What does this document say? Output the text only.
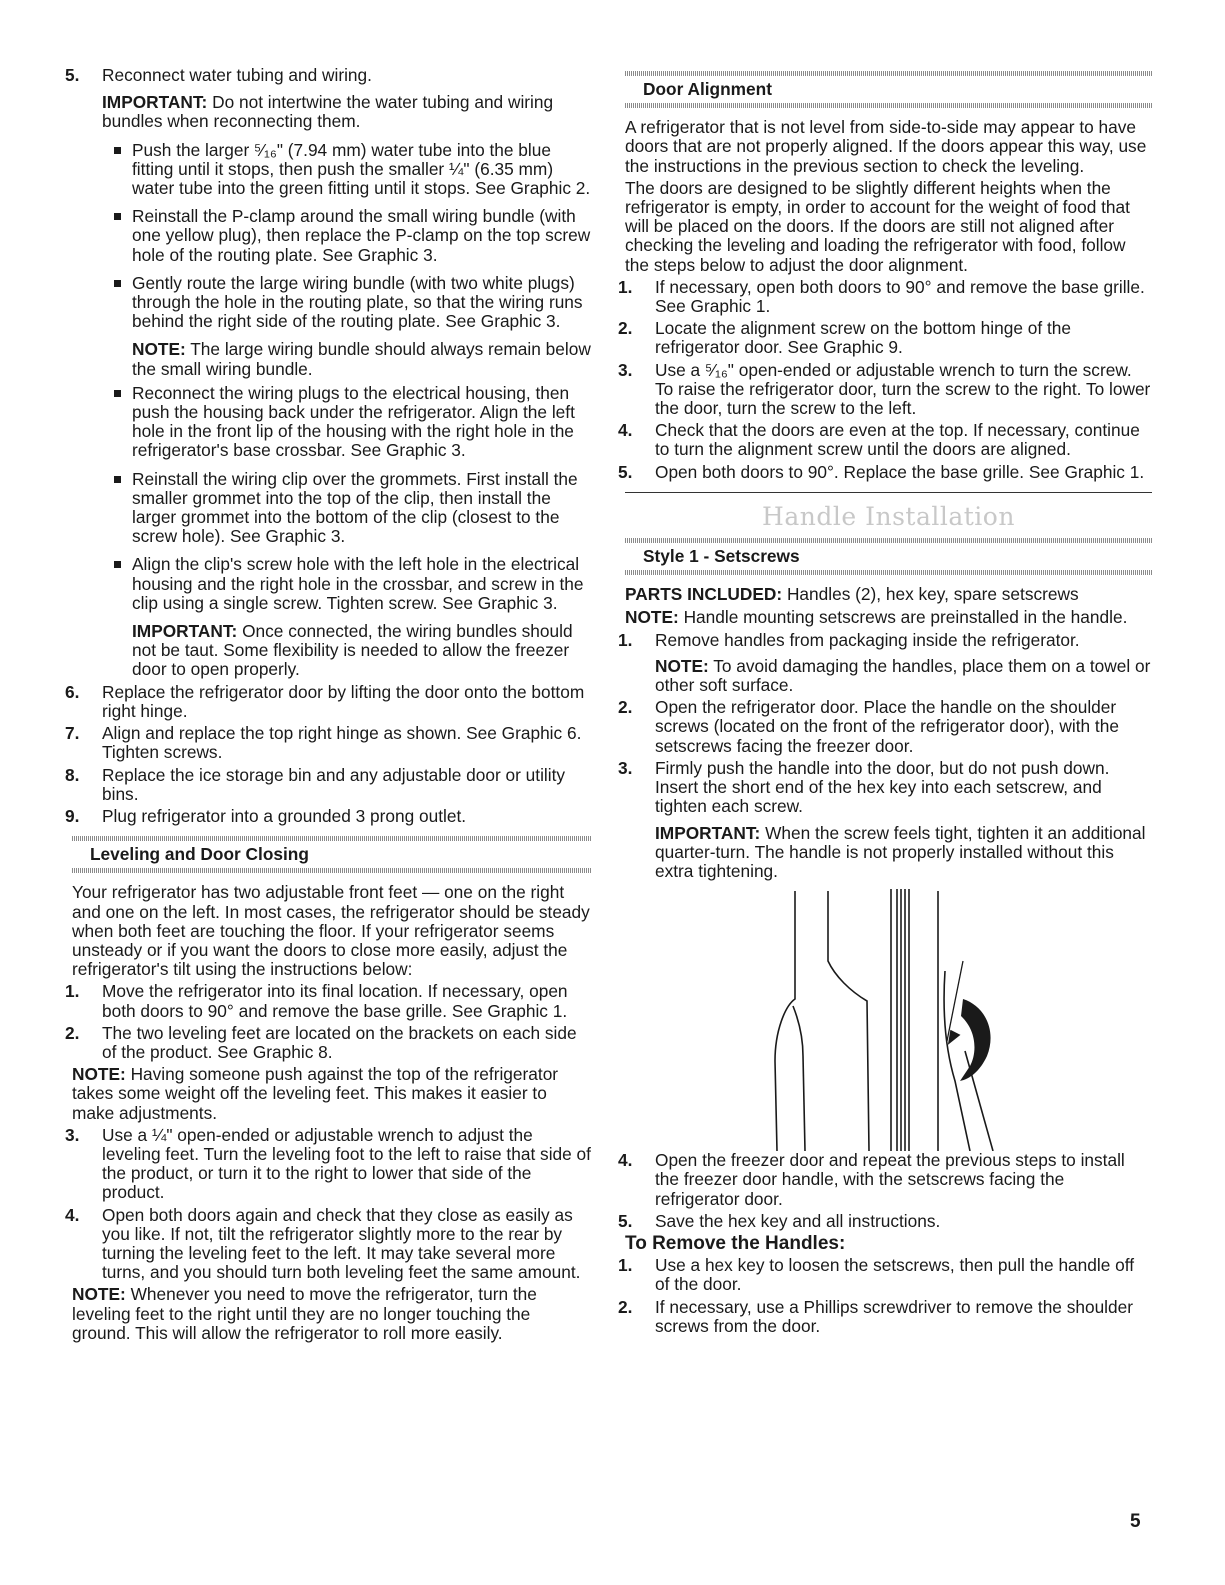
5. Reconnect water tubing and wiring.

IMPORTANT: Do not intertwine the water tubing and wiring bundles when reconnecting them.

Push the larger ⁵⁄₁₆" (7.94 mm) water tube into the blue fitting until it stops, then push the smaller ¼" (6.35 mm) water tube into the green fitting until it stops. See Graphic 2.
Reinstall the P-clamp around the small wiring bundle (with one yellow plug), then replace the P-clamp on the top screw hole of the routing plate. See Graphic 3.
Gently route the large wiring bundle (with two white plugs) through the hole in the routing plate, so that the wiring runs behind the right side of the routing plate. See Graphic 3.

NOTE: The large wiring bundle should always remain below the small wiring bundle.

Reconnect the wiring plugs to the electrical housing, then push the housing back under the refrigerator. Align the left hole in the front lip of the housing with the right hole in the refrigerator's base crossbar. See Graphic 3.
Reinstall the wiring clip over the grommets. First install the smaller grommet into the top of the clip, then install the larger grommet into the bottom of the clip (closest to the screw hole). See Graphic 3.
Align the clip's screw hole with the left hole in the electrical housing and the right hole in the crossbar, and screw in the clip using a single screw. Tighten screw. See Graphic 3.

IMPORTANT: Once connected, the wiring bundles should not be taut. Some flexibility is needed to allow the freezer door to open properly.

6. Replace the refrigerator door by lifting the door onto the bottom right hinge.

7. Align and replace the top right hinge as shown. See Graphic 6. Tighten screws.

8. Replace the ice storage bin and any adjustable door or utility bins.

9. Plug refrigerator into a grounded 3 prong outlet.

Leveling and Door Closing

Your refrigerator has two adjustable front feet — one on the right and one on the left. In most cases, the refrigerator should be steady when both feet are touching the floor. If your refrigerator seems unsteady or if you want the doors to close more easily, adjust the refrigerator's tilt using the instructions below:

1. Move the refrigerator into its final location. If necessary, open both doors to 90° and remove the base grille. See Graphic 1.

2. The two leveling feet are located on the brackets on each side of the product. See Graphic 8.

NOTE: Having someone push against the top of the refrigerator takes some weight off the leveling feet. This makes it easier to make adjustments.

3. Use a ¼" open-ended or adjustable wrench to adjust the leveling feet. Turn the leveling foot to the left to raise that side of the product, or turn it to the right to lower that side of the product.

4. Open both doors again and check that they close as easily as you like. If not, tilt the refrigerator slightly more to the rear by turning the leveling feet to the left. It may take several more turns, and you should turn both leveling feet the same amount.

NOTE: Whenever you need to move the refrigerator, turn the leveling feet to the right until they are no longer touching the ground. This will allow the refrigerator to roll more easily.

Door Alignment

A refrigerator that is not level from side-to-side may appear to have doors that are not properly aligned. If the doors appear this way, use the instructions in the previous section to check the leveling.

The doors are designed to be slightly different heights when the refrigerator is empty, in order to account for the weight of food that will be placed on the doors. If the doors are still not aligned after checking the leveling and loading the refrigerator with food, follow the steps below to adjust the door alignment.

1. If necessary, open both doors to 90° and remove the base grille. See Graphic 1.

2. Locate the alignment screw on the bottom hinge of the refrigerator door. See Graphic 9.

3. Use a ⁵⁄₁₆" open-ended or adjustable wrench to turn the screw. To raise the refrigerator door, turn the screw to the right. To lower the door, turn the screw to the left.

4. Check that the doors are even at the top. If necessary, continue to turn the alignment screw until the doors are aligned.

5. Open both doors to 90°. Replace the base grille. See Graphic 1.

Handle Installation
Style 1 - Setscrews

PARTS INCLUDED: Handles (2), hex key, spare setscrews

NOTE: Handle mounting setscrews are preinstalled in the handle.

1. Remove handles from packaging inside the refrigerator.

NOTE: To avoid damaging the handles, place them on a towel or other soft surface.

2. Open the refrigerator door. Place the handle on the shoulder screws (located on the front of the refrigerator door), with the setscrews facing the freezer door.

3. Firmly push the handle into the door, but do not push down. Insert the short end of the hex key into each setscrew, and tighten each screw.

IMPORTANT: When the screw feels tight, tighten it an additional quarter-turn. The handle is not properly installed without this extra tightening.

4. Open the freezer door and repeat the previous steps to install the freezer door handle, with the setscrews facing the refrigerator door.

5. Save the hex key and all instructions.

To Remove the Handles:
1. Use a hex key to loosen the setscrews, then pull the handle off of the door.

2. If necessary, use a Phillips screwdriver to remove the shoulder screws from the door.

5
